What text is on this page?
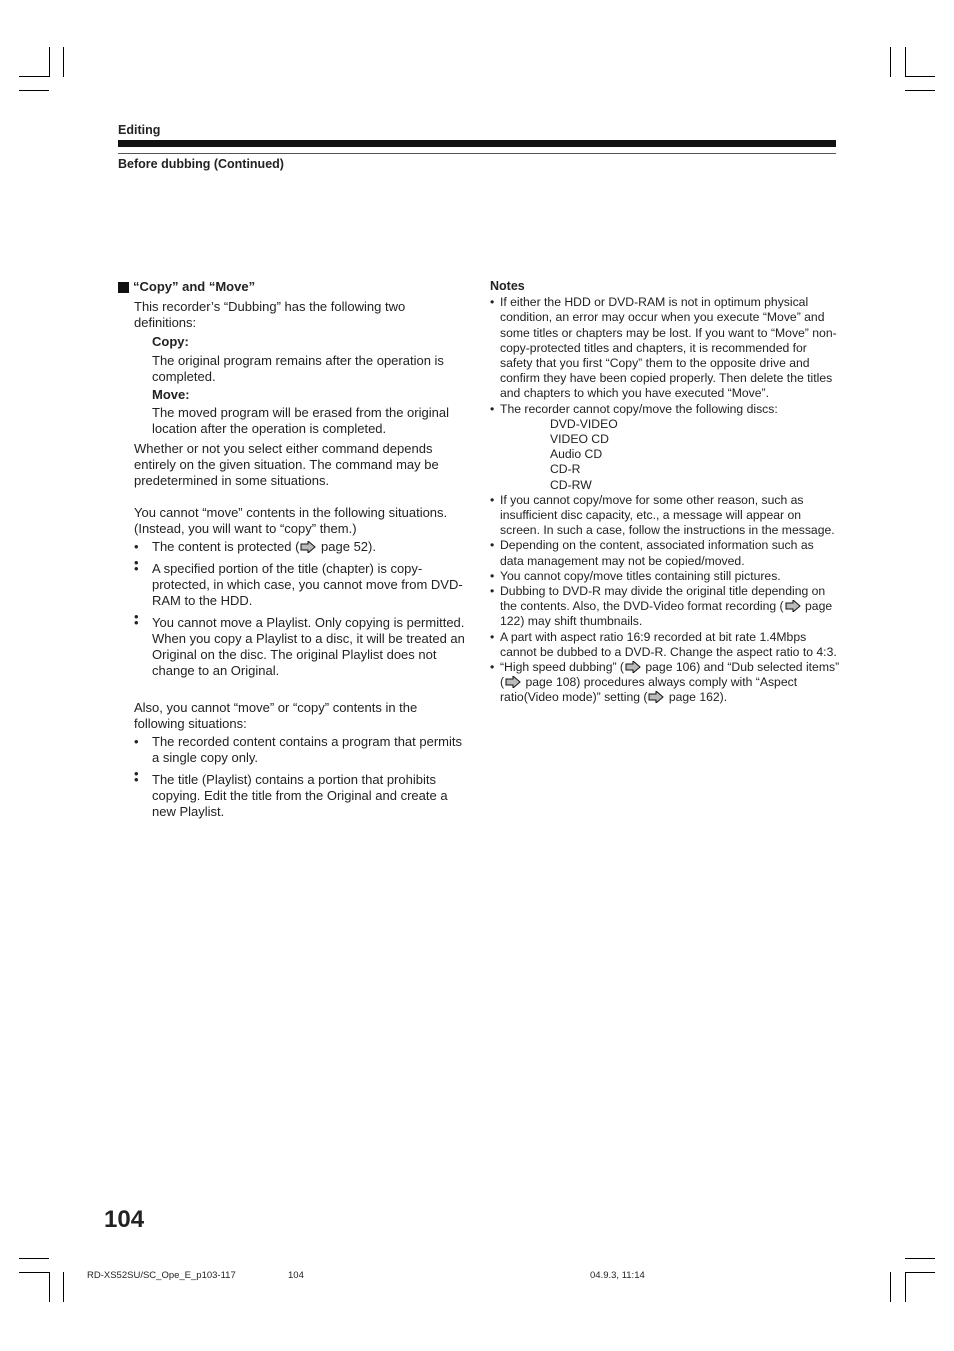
Editing
Before dubbing (Continued)
“Copy” and “Move”

This recorder’s “Dubbing” has the following two definitions:

Copy:

The original program remains after the operation is completed.

Move:

The moved program will be erased from the original location after the operation is completed.

Whether or not you select either command depends entirely on the given situation. The command may be predetermined in some situations.

You cannot “move” contents in the following situations. (Instead, you will want to “copy” them.)

• The content is protected ( page 52).
•
• A specified portion of the title (chapter) is copy-protected, in which case, you cannot move from DVD-RAM to the HDD.
•
• You cannot move a Playlist. Only copying is permitted. When you copy a Playlist to a disc, it will be treated an Original on the disc. The original Playlist does not change to an Original.

Also, you cannot “move” or “copy” contents in the following situations:

• The recorded content contains a program that permits a single copy only.
•
• The title (Playlist) contains a portion that prohibits copying. Edit the title from the Original and create a new Playlist.
Notes
• If either the HDD or DVD-RAM is not in optimum physical condition, an error may occur when you execute “Move” and some titles or chapters may be lost. If you want to “Move” non-copy-protected titles and chapters, it is recommended for safety that you first “Copy” them to the opposite drive and confirm they have been copied properly. Then delete the titles and chapters to which you have executed “Move”.
• The recorder cannot copy/move the following discs:
DVD-VIDEO
VIDEO CD
Audio CD
CD-R
CD-RW
• If you cannot copy/move for some other reason, such as insufficient disc capacity, etc., a message will appear on screen. In such a case, follow the instructions in the message.
• Depending on the content, associated information such as data management may not be copied/moved.
• You cannot copy/move titles containing still pictures.
• Dubbing to DVD-R may divide the original title depending on the contents. Also, the DVD-Video format recording ( page 122) may shift thumbnails.
• A part with aspect ratio 16:9 recorded at bit rate 1.4Mbps cannot be dubbed to a DVD-R. Change the aspect ratio to 4:3.
• “High speed dubbing” ( page 106) and “Dub selected items” ( page 108) procedures always comply with “Aspect ratio(Video mode)” setting ( page 162).
104
RD-XS52SU/SC_Ope_E_p103-117	104	04.9.3, 11:14
